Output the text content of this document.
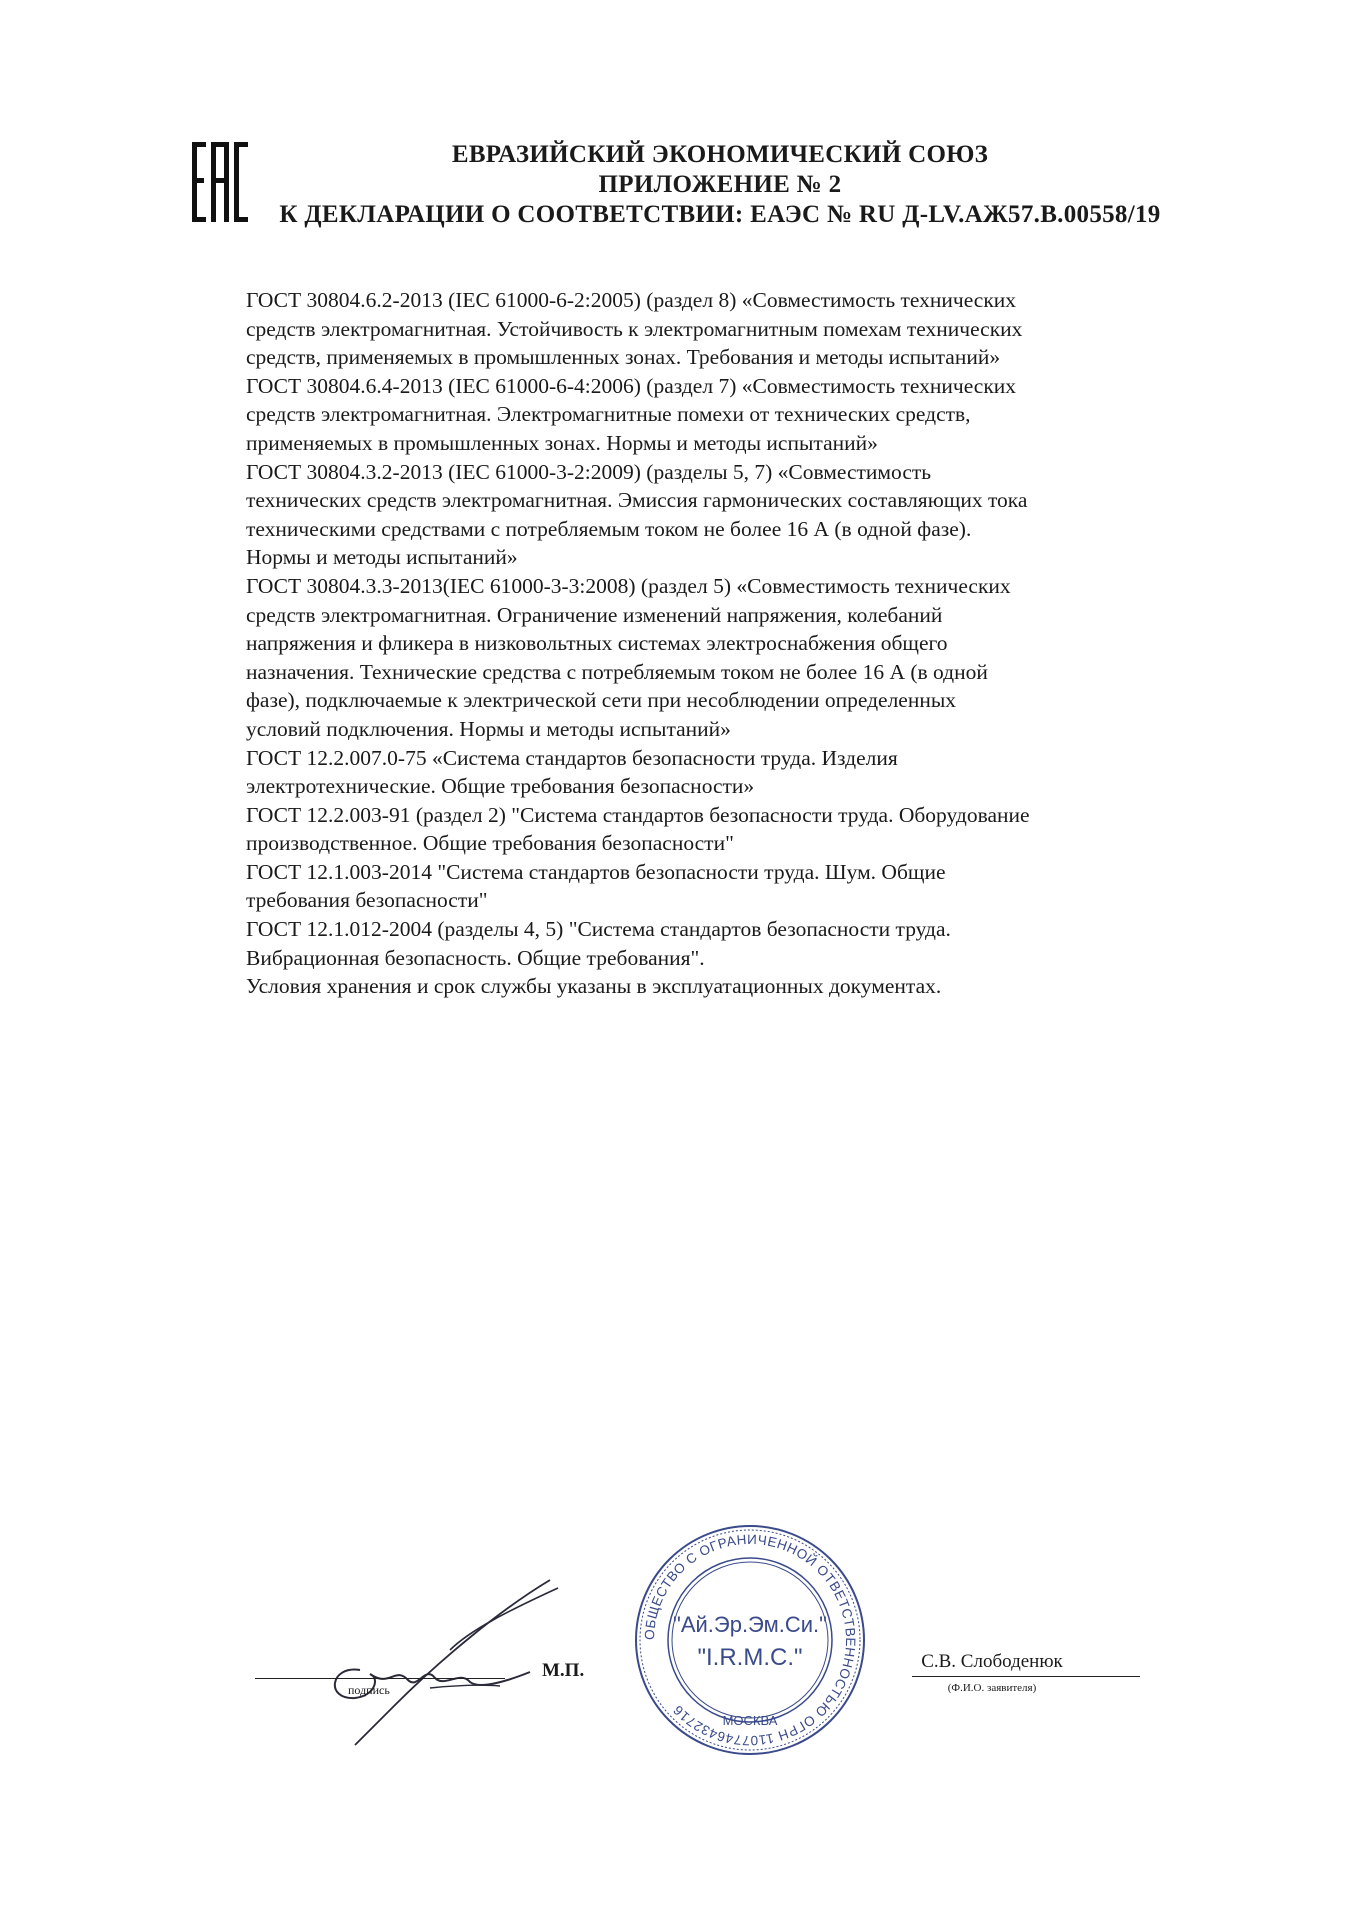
ЕВРАЗИЙСКИЙ ЭКОНОМИЧЕСКИЙ СОЮЗ
ПРИЛОЖЕНИЕ № 2
К ДЕКЛАРАЦИИ О СООТВЕТСТВИИ: ЕАЭС № RU Д-LV.АЖ57.В.00558/19
ГОСТ 30804.6.2-2013 (IEC 61000-6-2:2005) (раздел 8) «Совместимость технических
средств электромагнитная. Устойчивость к электромагнитным помехам технических
средств, применяемых в промышленных зонах. Требования и методы испытаний»
ГОСТ 30804.6.4-2013 (IEC 61000-6-4:2006) (раздел 7) «Совместимость технических
средств электромагнитная. Электромагнитные помехи от технических средств,
применяемых в промышленных зонах. Нормы и методы испытаний»
ГОСТ 30804.3.2-2013 (IEC 61000-3-2:2009) (разделы 5, 7) «Совместимость
технических средств электромагнитная. Эмиссия гармонических составляющих тока
техническими средствами с потребляемым током не более 16 А (в одной фазе).
Нормы и методы испытаний»
ГОСТ 30804.3.3-2013(IEC 61000-3-3:2008) (раздел 5) «Совместимость технических
средств электромагнитная. Ограничение изменений напряжения, колебаний
напряжения и фликера в низковольтных системах электроснабжения общего
назначения. Технические средства с потребляемым током не более 16 А (в одной
фазе), подключаемые к электрической сети при несоблюдении определенных
условий подключения. Нормы и методы испытаний»
ГОСТ 12.2.007.0-75 «Система стандартов безопасности труда. Изделия
электротехнические. Общие требования безопасности»
ГОСТ 12.2.003-91 (раздел 2) "Система стандартов безопасности труда. Оборудование
производственное. Общие требования безопасности"
ГОСТ 12.1.003-2014 "Система стандартов безопасности труда. Шум. Общие
требования безопасности"
ГОСТ 12.1.012-2004 (разделы 4, 5) "Система стандартов безопасности труда.
Вибрационная безопасность. Общие требования".
Условия хранения и срок службы указаны в эксплуатационных документах.
подпись
М.П.
ОБЩЕСТВО С ОГРАНИЧЕННОЙ ОТВЕТСТВЕННОСТЬЮ ОГРН 1107746432716
"Ай.Эр.Эм.Си."
"I.R.M.C."
МОСКВА
С.В. Слободенюк
(Ф.И.О. заявителя)
